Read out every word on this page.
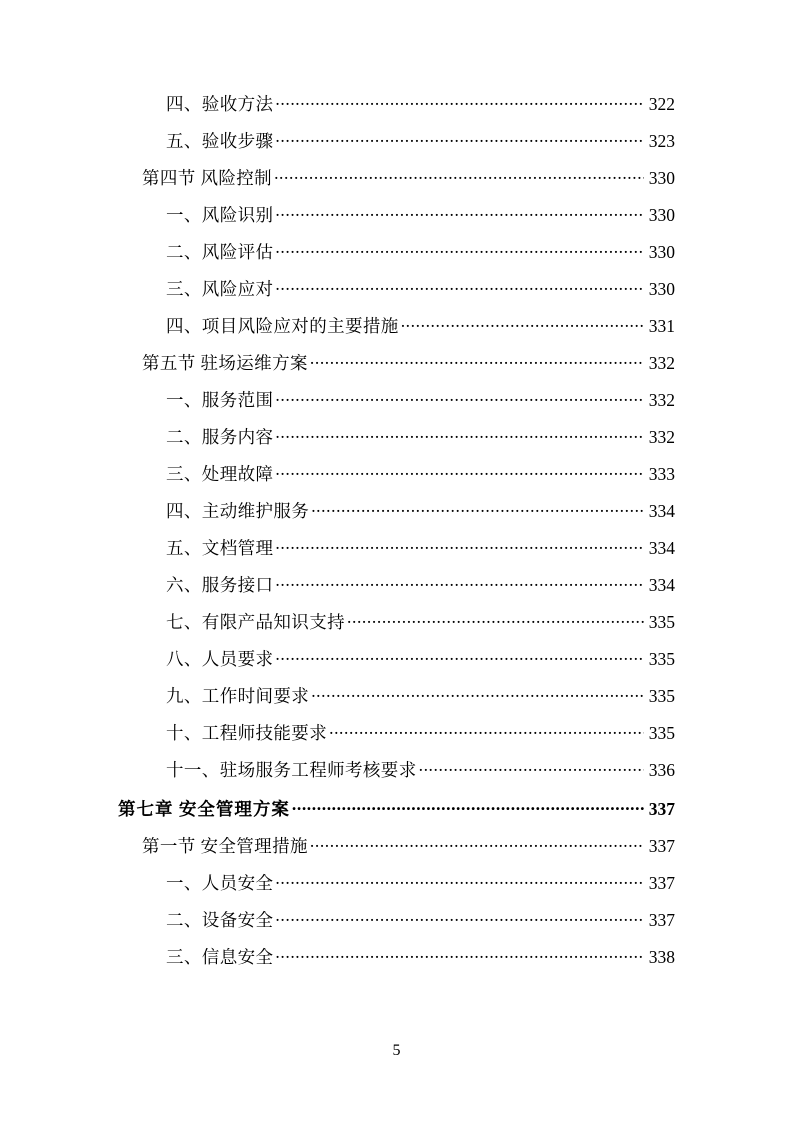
四、验收方法 .....	322
五、验收步骤 .....	323
第四节 风险控制 .....	330
一、风险识别 .....	330
二、风险评估 .....	330
三、风险应对 .....	330
四、项目风险应对的主要措施 .....	331
第五节 驻场运维方案 .....	332
一、服务范围 .....	332
二、服务内容 .....	332
三、处理故障 .....	333
四、主动维护服务 .....	334
五、文档管理 .....	334
六、服务接口 .....	334
七、有限产品知识支持 .....	335
八、人员要求 .....	335
九、工作时间要求 .....	335
十、工程师技能要求 .....	335
十一、驻场服务工程师考核要求 .....	336
第七章 安全管理方案 .....	337
第一节 安全管理措施 .....	337
一、人员安全 .....	337
二、设备安全 .....	337
三、信息安全 .....	338
5
